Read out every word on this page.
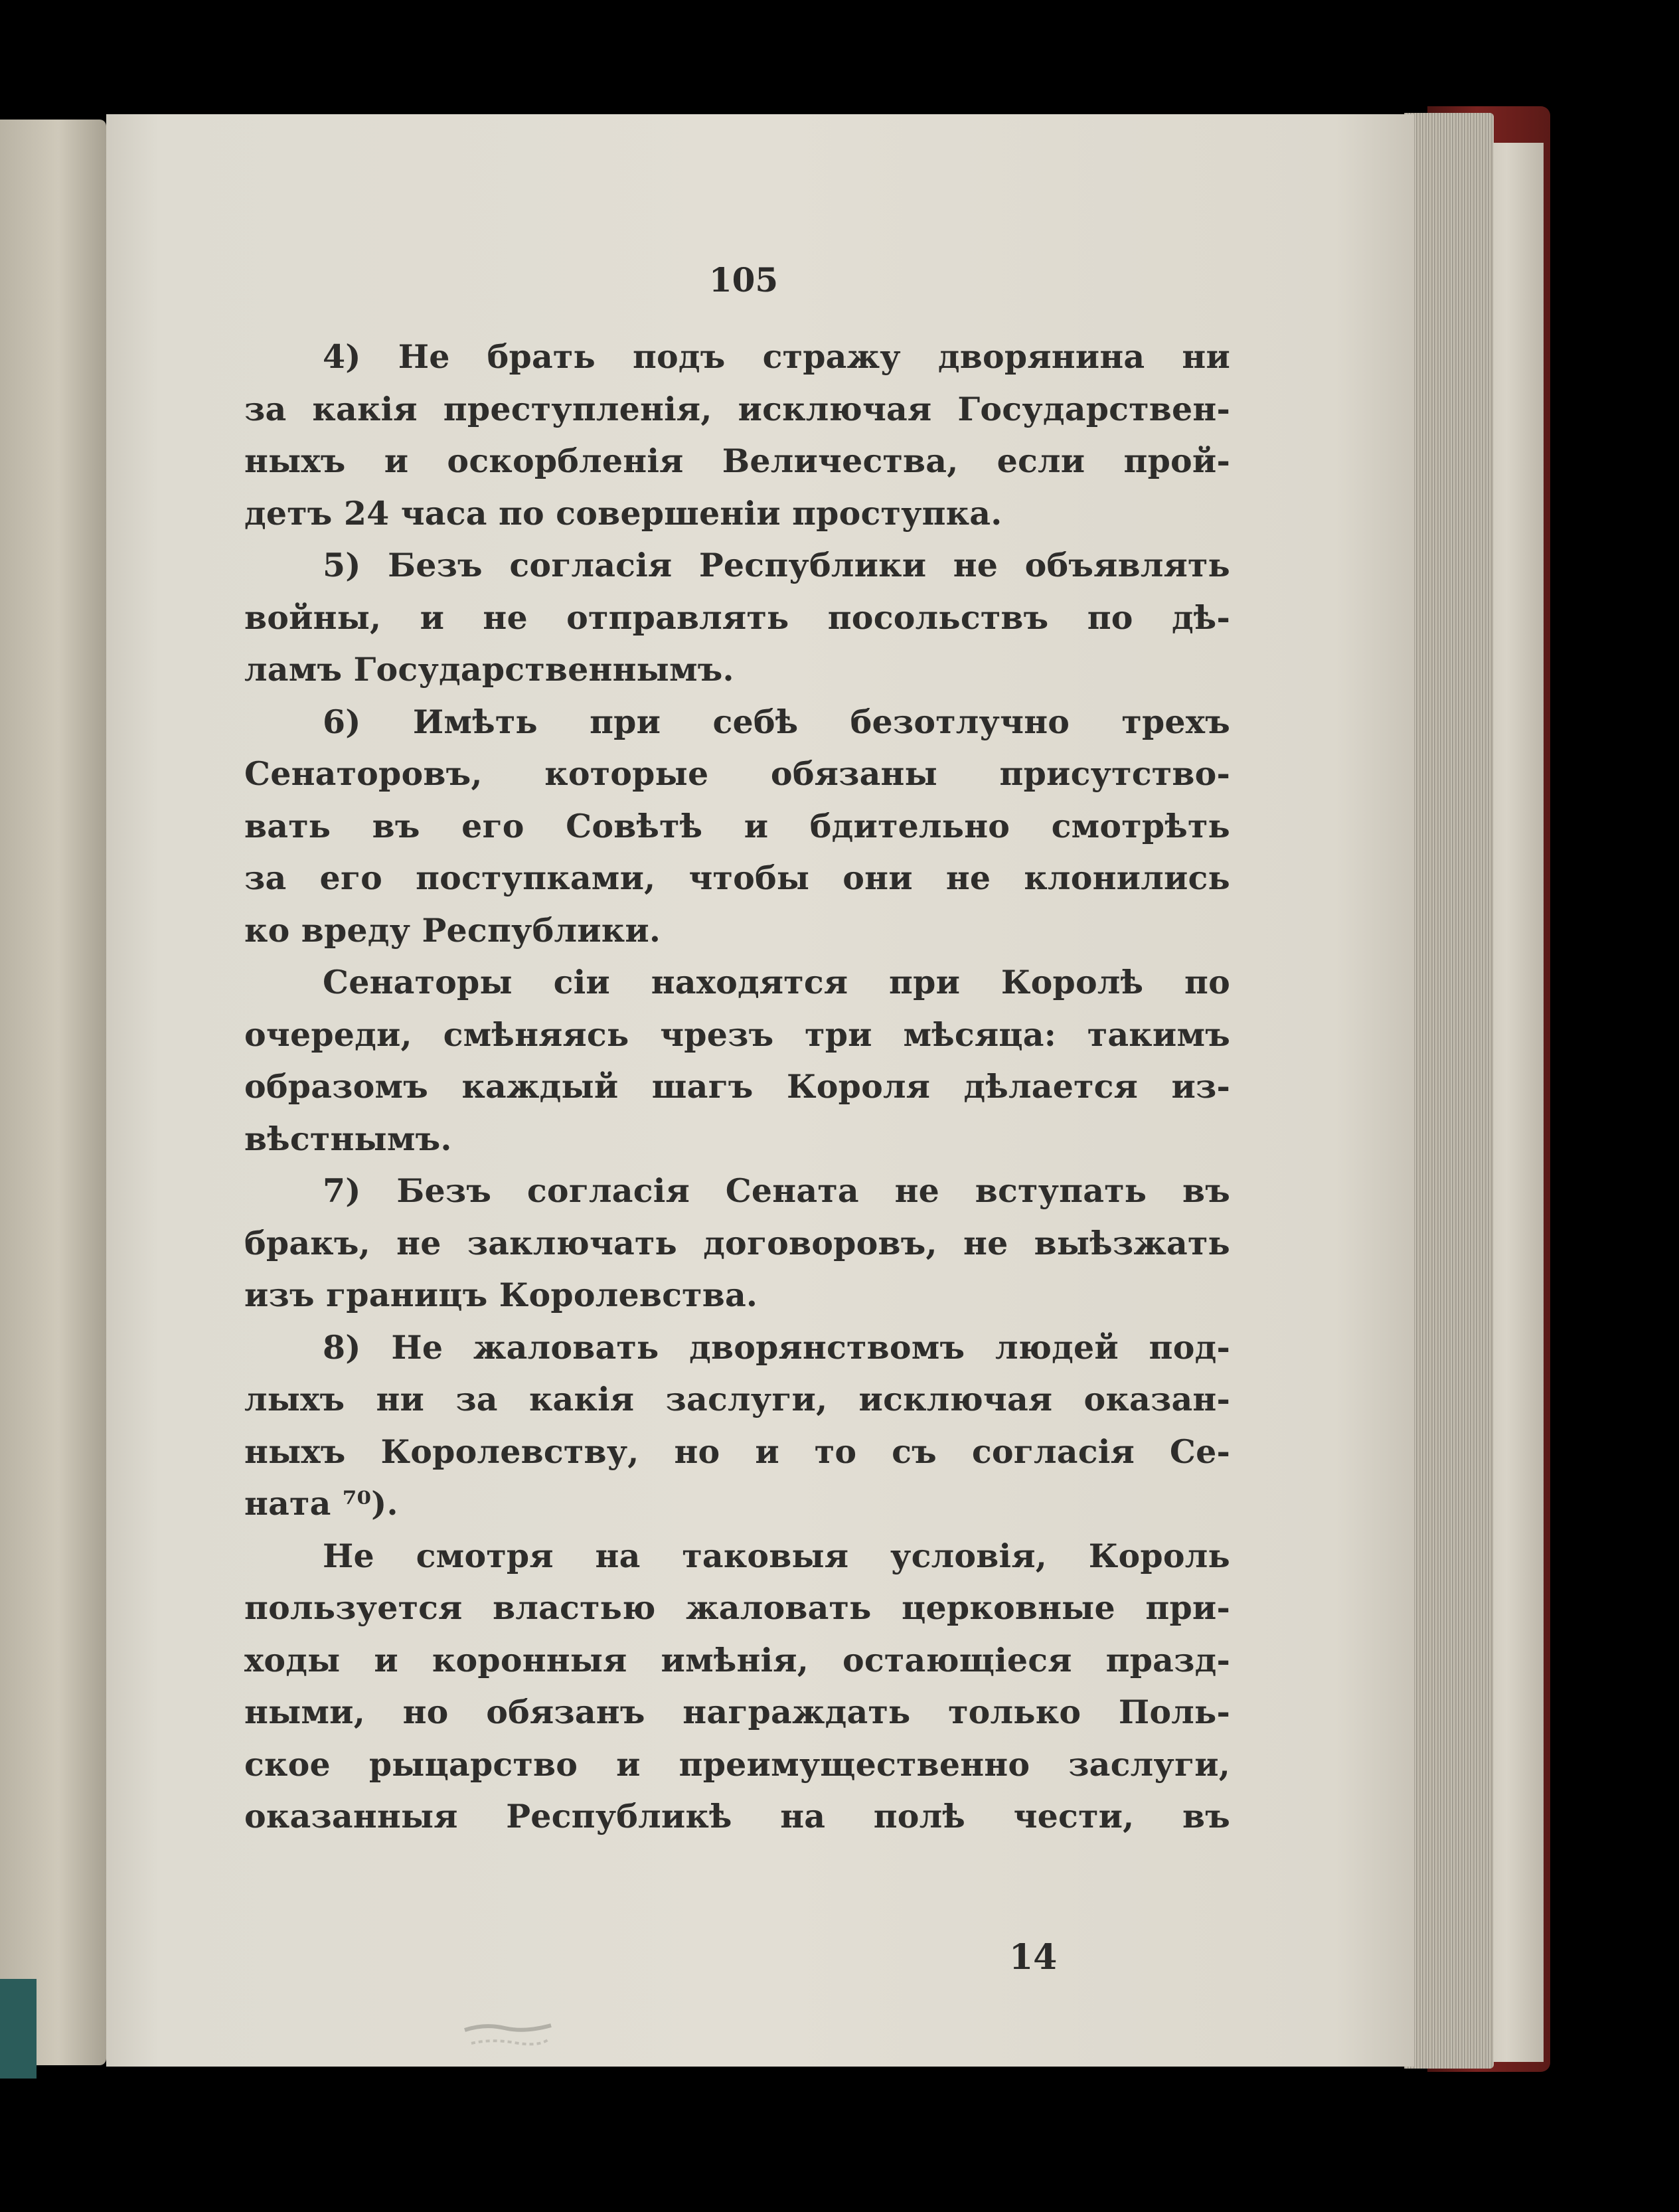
105

4) Не брать подъ стражу дворянина ни
за какія преступленія, исключая Государствен-
ныхъ и оскорбленія Величества, если прой-
детъ 24 часа по совершеніи проступка.
5) Безъ согласія Республики не объявлять
войны, и не отправлять посольствъ по дѣ-
ламъ Государственнымъ.
6) Имѣть при себѣ безотлучно трехъ
Сенаторовъ, которые обязаны присутство-
вать въ его Совѣтѣ и бдительно смотрѣть
за его поступками, чтобы они не клонились
ко вреду Республики.
Сенаторы сіи находятся при Королѣ по
очереди, смѣняясь чрезъ три мѣсяца: такимъ
образомъ каждый шагъ Короля дѣлается из-
вѣстнымъ.
7) Безъ согласія Сената не вступать въ
бракъ, не заключать договоровъ, не выѣзжать
изъ границъ Королевства.
8) Не жаловать дворянствомъ людей под-
лыхъ ни за какія заслуги, исключая оказан-
ныхъ Королевству, но и то съ согласія Се-
ната ⁷⁰).
Не смотря на таковыя условія, Король
пользуется властью жаловать церковные при-
ходы и коронныя имѣнія, остающіеся празд-
ными, но обязанъ награждать только Поль-
ское рыцарство и преимущественно заслуги,
оказанныя Республикѣ на полѣ чести, въ

14
